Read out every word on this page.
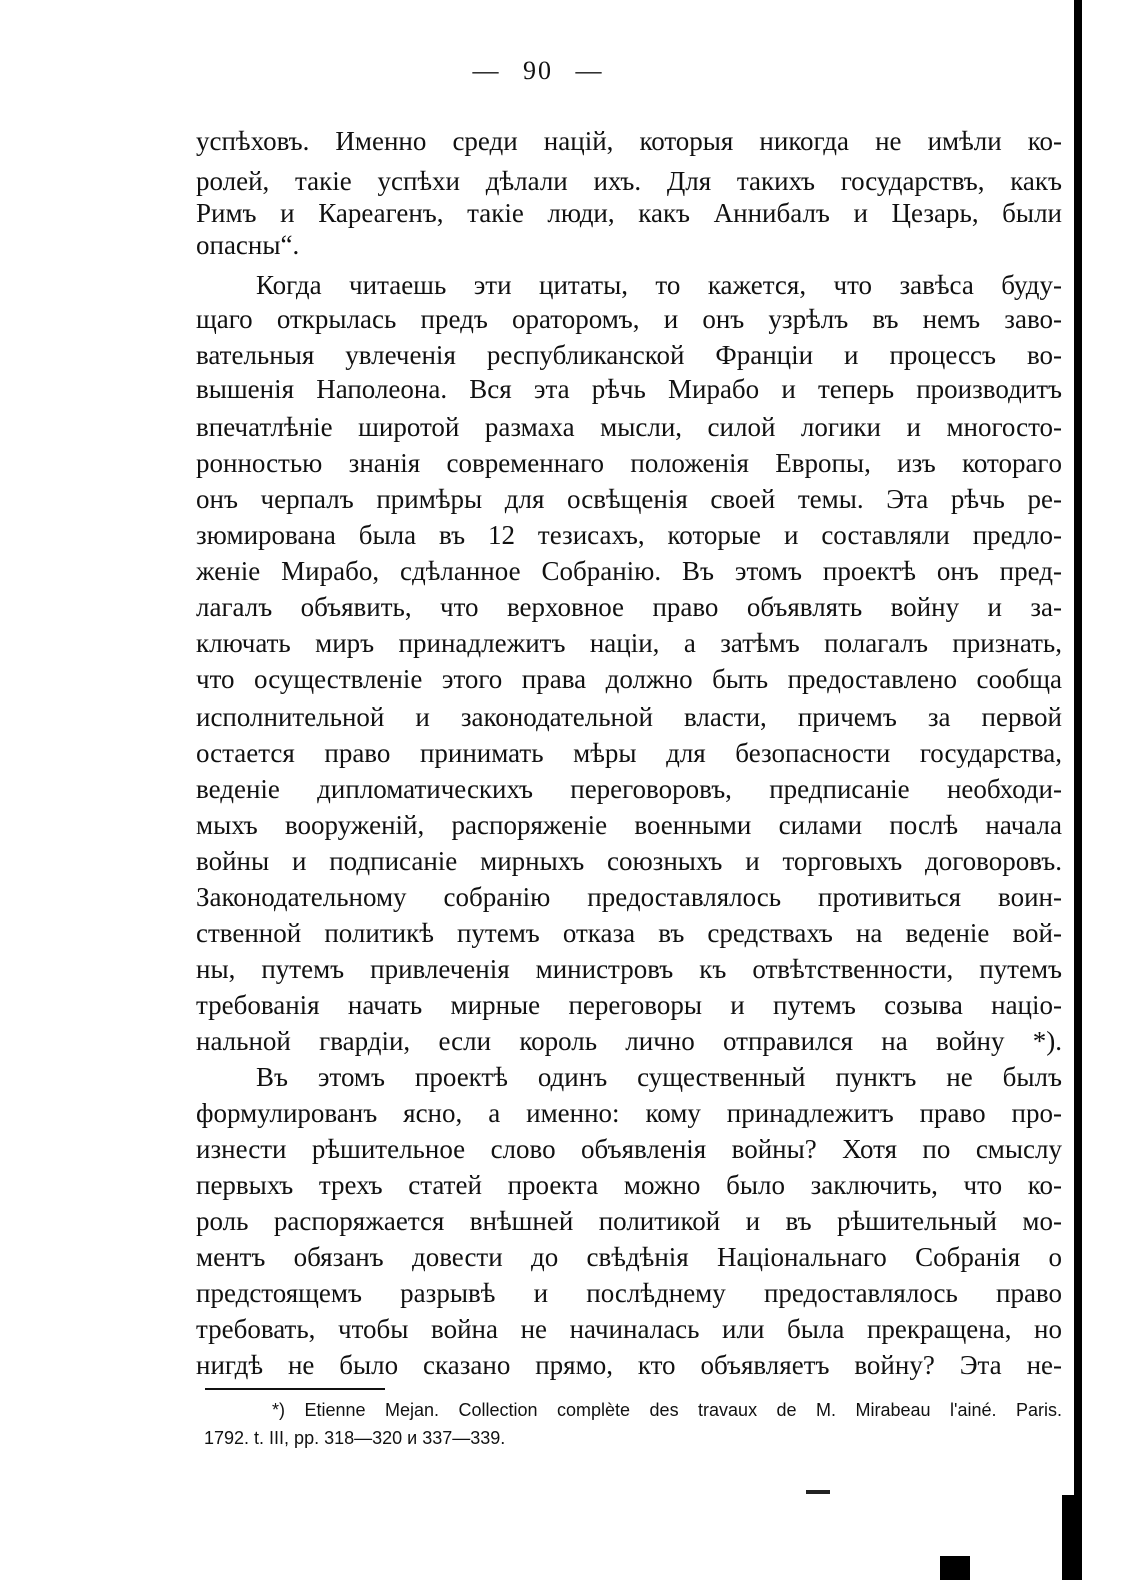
— 90 —
успѣховъ. Именно среди націй, которыя никогда не имѣли ко-
ролей, такіе успѣхи дѣлали ихъ. Для такихъ государствъ, какъ
Римъ и Кареагенъ, такіе люди, какъ Аннибалъ и Цезарь, были
опасны“.
Когда читаешь эти цитаты, то кажется, что завѣса буду-
щаго открылась предъ ораторомъ, и онъ узрѣлъ въ немъ заво-
вательныя увлеченія республиканской Франціи и процессъ во-
вышенія Наполеона. Вся эта рѣчь Мирабо и теперь производитъ
впечатлѣніе широтой размаха мысли, силой логики и многосто-
ронностью знанія современнаго положенія Европы, изъ которагo
онъ черпалъ примѣры для освѣщенія своей темы. Эта рѣчь ре-
зюмирована была въ 12 тезисахъ, которые и составляли предло-
женіе Мирабо, сдѣланное Собранію. Въ этомъ проектѣ онъ пред-
лагалъ объявить, что верховное право объявлять войну и за-
ключать миръ принадлежитъ націи, а затѣмъ полагалъ признать,
что осуществленіе этого права должно быть предоставлено сообща
исполнительной и законодательной власти, причемъ за первой
остается право принимать мѣры для безопасности государства,
веденіе дипломатическихъ переговоровъ, предписаніе необходи-
мыхъ вооруженій, распоряженіе военными силами послѣ начала
войны и подписаніе мирныхъ союзныхъ и торговыхъ договоровъ.
Законодательному собранію предоставлялось противиться воин-
ственной политикѣ путемъ отказа въ средствахъ на веденіе вой-
ны, путемъ привлеченія министровъ къ отвѣтственности, путемъ
требованія начать мирные переговоры и путемъ созыва націо-
нальной гвардіи, если король лично отправился на войну *).
Въ этомъ проектѣ одинъ существенный пунктъ не былъ
формулированъ ясно, а именно: кому принадлежитъ право про-
изнести рѣшительное слово объявленія войны? Хотя по смыслу
первыхъ трехъ статей проекта можно было заключить, что ко-
роль распоряжается внѣшней политикой и въ рѣшительный мо-
ментъ обязанъ довести до свѣдѣнія Національнаго Собранія о
предстоящемъ разрывѣ и послѣднему предоставлялось право
требовать, чтобы война не начиналась или была прекращена, но
нигдѣ не было сказано прямо, кто объявляетъ войну? Эта не-
*) Etienne Mejan. Collection complète des travaux de M. Mirabeau l'ainé. Paris.
1792. t. III, pp. 318—320 и 337—339.
